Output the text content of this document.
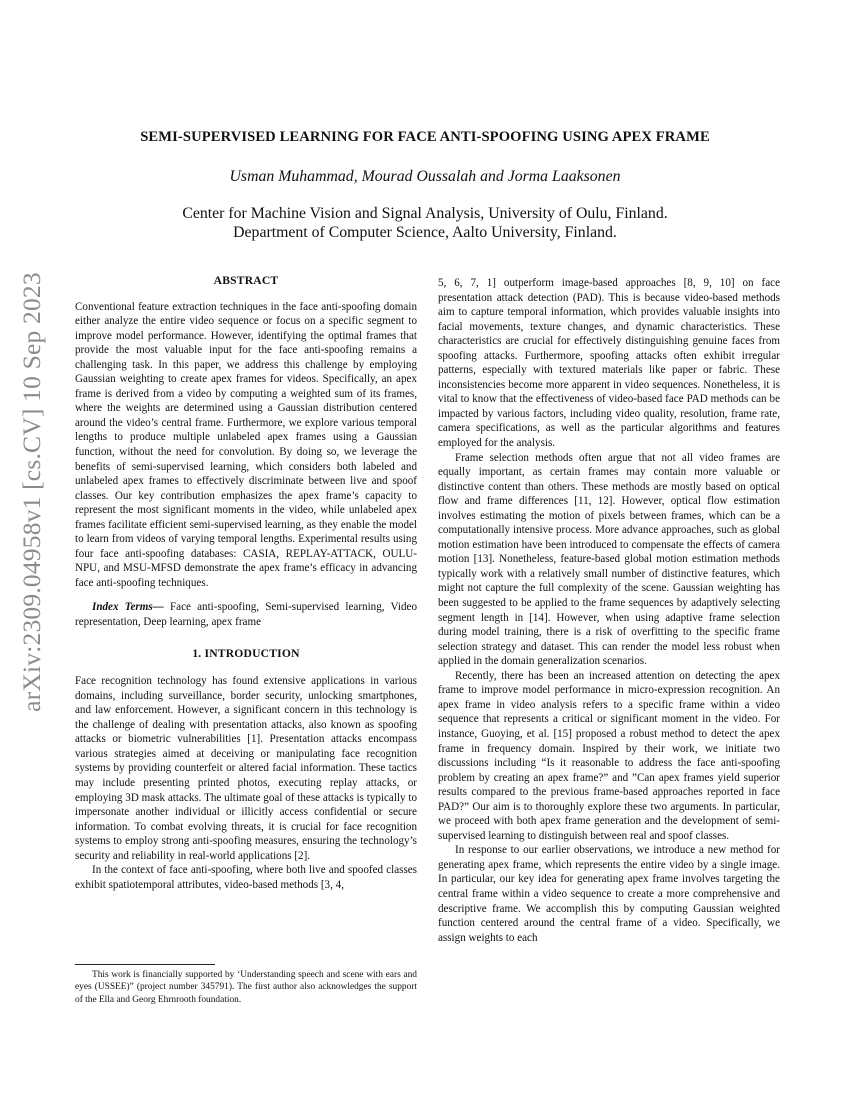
arXiv:2309.04958v1 [cs.CV] 10 Sep 2023
SEMI-SUPERVISED LEARNING FOR FACE ANTI-SPOOFING USING APEX FRAME
Usman Muhammad, Mourad Oussalah and Jorma Laaksonen
Center for Machine Vision and Signal Analysis, University of Oulu, Finland.
Department of Computer Science, Aalto University, Finland.
ABSTRACT

Conventional feature extraction techniques in the face anti-spoofing domain either analyze the entire video sequence or focus on a specific segment to improve model performance. However, identifying the optimal frames that provide the most valuable input for the face anti-spoofing remains a challenging task. In this paper, we address this challenge by employing Gaussian weighting to create apex frames for videos. Specifically, an apex frame is derived from a video by computing a weighted sum of its frames, where the weights are determined using a Gaussian distribution centered around the video’s central frame. Furthermore, we explore various temporal lengths to produce multiple unlabeled apex frames using a Gaussian function, without the need for convolution. By doing so, we leverage the benefits of semi-supervised learning, which considers both labeled and unlabeled apex frames to effectively discriminate between live and spoof classes. Our key contribution emphasizes the apex frame’s capacity to represent the most significant moments in the video, while unlabeled apex frames facilitate efficient semi-supervised learning, as they enable the model to learn from videos of varying temporal lengths. Experimental results using four face anti-spoofing databases: CASIA, REPLAY-ATTACK, OULU-NPU, and MSU-MFSD demonstrate the apex frame’s efficacy in advancing face anti-spoofing techniques.

Index Terms— Face anti-spoofing, Semi-supervised learning, Video representation, Deep learning, apex frame

1. INTRODUCTION

Face recognition technology has found extensive applications in various domains, including surveillance, border security, unlocking smartphones, and law enforcement. However, a significant concern in this technology is the challenge of dealing with presentation attacks, also known as spoofing attacks or biometric vulnerabilities [1]. Presentation attacks encompass various strategies aimed at deceiving or manipulating face recognition systems by providing counterfeit or altered facial information. These tactics may include presenting printed photos, executing replay attacks, or employing 3D mask attacks. The ultimate goal of these attacks is typically to impersonate another individual or illicitly access confidential or secure information. To combat evolving threats, it is crucial for face recognition systems to employ strong anti-spoofing measures, ensuring the technology’s security and reliability in real-world applications [2].

In the context of face anti-spoofing, where both live and spoofed classes exhibit spatiotemporal attributes, video-based methods [3, 4,

This work is financially supported by ‘Understanding speech and scene with ears and eyes (USSEE)” (project number 345791). The first author also acknowledges the support of the Ella and Georg Ehrnrooth foundation.

5, 6, 7, 1] outperform image-based approaches [8, 9, 10] on face presentation attack detection (PAD). This is because video-based methods aim to capture temporal information, which provides valuable insights into facial movements, texture changes, and dynamic characteristics. These characteristics are crucial for effectively distinguishing genuine faces from spoofing attacks. Furthermore, spoofing attacks often exhibit irregular patterns, especially with textured materials like paper or fabric. These inconsistencies become more apparent in video sequences. Nonetheless, it is vital to know that the effectiveness of video-based face PAD methods can be impacted by various factors, including video quality, resolution, frame rate, camera specifications, as well as the particular algorithms and features employed for the analysis.

Frame selection methods often argue that not all video frames are equally important, as certain frames may contain more valuable or distinctive content than others. These methods are mostly based on optical flow and frame differences [11, 12]. However, optical flow estimation involves estimating the motion of pixels between frames, which can be a computationally intensive process. More advance approaches, such as global motion estimation have been introduced to compensate the effects of camera motion [13]. Nonetheless, feature-based global motion estimation methods typically work with a relatively small number of distinctive features, which might not capture the full complexity of the scene. Gaussian weighting has been suggested to be applied to the frame sequences by adaptively selecting segment length in [14]. However, when using adaptive frame selection during model training, there is a risk of overfitting to the specific frame selection strategy and dataset. This can render the model less robust when applied in the domain generalization scenarios.

Recently, there has been an increased attention on detecting the apex frame to improve model performance in micro-expression recognition. An apex frame in video analysis refers to a specific frame within a video sequence that represents a critical or significant moment in the video. For instance, Guoying, et al. [15] proposed a robust method to detect the apex frame in frequency domain. Inspired by their work, we initiate two discussions including “Is it reasonable to address the face anti-spoofing problem by creating an apex frame?” and ”Can apex frames yield superior results compared to the previous frame-based approaches reported in face PAD?” Our aim is to thoroughly explore these two arguments. In particular, we proceed with both apex frame generation and the development of semi-supervised learning to distinguish between real and spoof classes.

In response to our earlier observations, we introduce a new method for generating apex frame, which represents the entire video by a single image. In particular, our key idea for generating apex frame involves targeting the central frame within a video sequence to create a more comprehensive and descriptive frame. We accomplish this by computing Gaussian weighted function centered around the central frame of a video. Specifically, we assign weights to each
